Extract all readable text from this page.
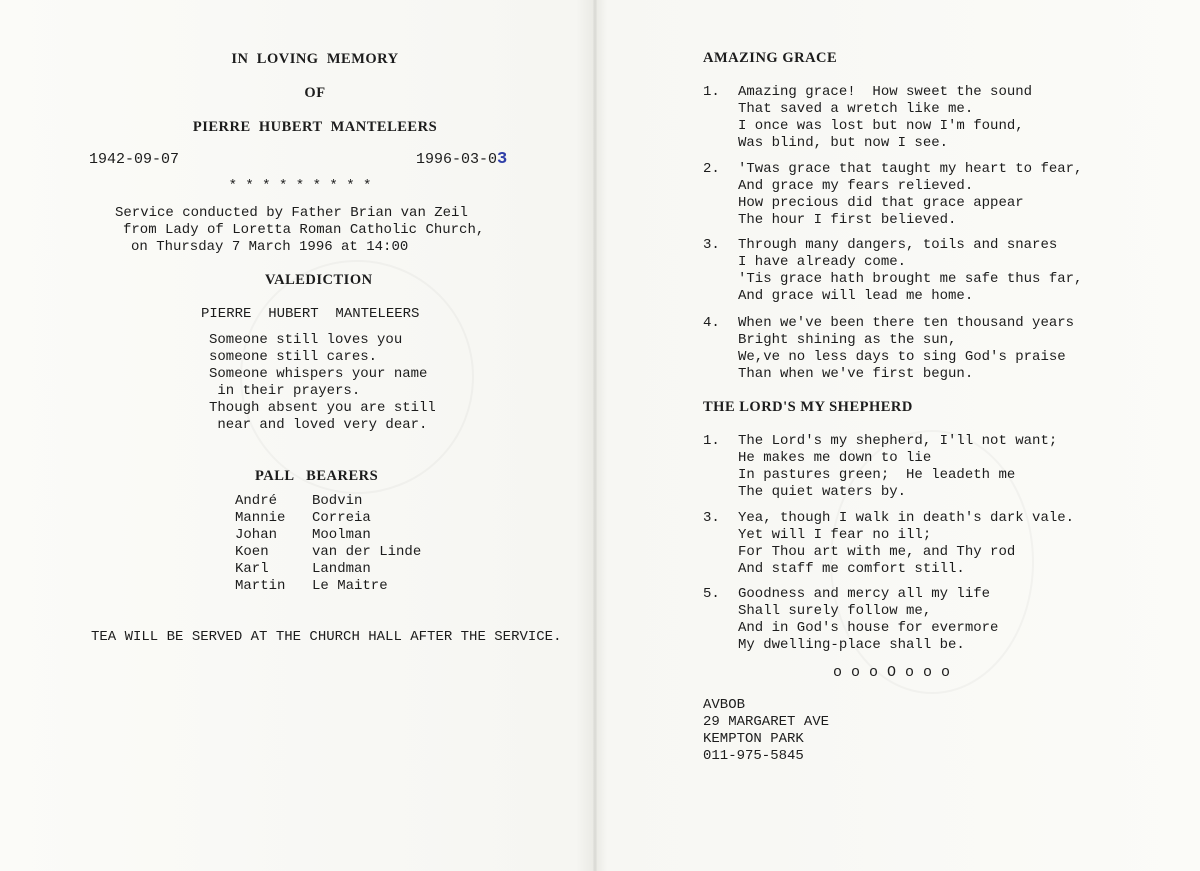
IN  LOVING  MEMORY
OF
PIERRE  HUBERT  MANTELEERS
1942-09-07	1996-03-03
* * * * * * * * *
Service conducted by Father Brian van Zeil
from Lady of Loretta Roman Catholic Church,
on Thursday 7 March 1996 at 14:00
VALEDICTION
PIERRE  HUBERT  MANTELEERS
Someone still loves you
someone still cares.
Someone whispers your name
in their prayers.
Though absent you are still
near and loved very dear.
PALL   BEARERS
André
Mannie
Johan
Koen
Karl
Martin
Bodvin
Correia
Moolman
van der Linde
Landman
Le Maitre
TEA WILL BE SERVED AT THE CHURCH HALL AFTER THE SERVICE.
AMAZING GRACE
1. Amazing grace!  How sweet the sound
That saved a wretch like me.
I once was lost but now I'm found,
Was blind, but now I see.
2. 'Twas grace that taught my heart to fear,
And grace my fears relieved.
How precious did that grace appear
The hour I first believed.
3. Through many dangers, toils and snares
I have already come.
'Tis grace hath brought me safe thus far,
And grace will lead me home.
4. When we've been there ten thousand years
Bright shining as the sun,
We,ve no less days to sing God's praise
Than when we've first begun.
THE LORD'S MY SHEPHERD
1. The Lord's my shepherd, I'll not want;
He makes me down to lie
In pastures green;  He leadeth me
The quiet waters by.
3. Yea, though I walk in death's dark vale.
Yet will I fear no ill;
For Thou art with me, and Thy rod
And staff me comfort still.
5. Goodness and mercy all my life
Shall surely follow me,
And in God's house for evermore
My dwelling-place shall be.
o o o O o o o
AVBOB
29 MARGARET AVE
KEMPTON PARK
011-975-5845
